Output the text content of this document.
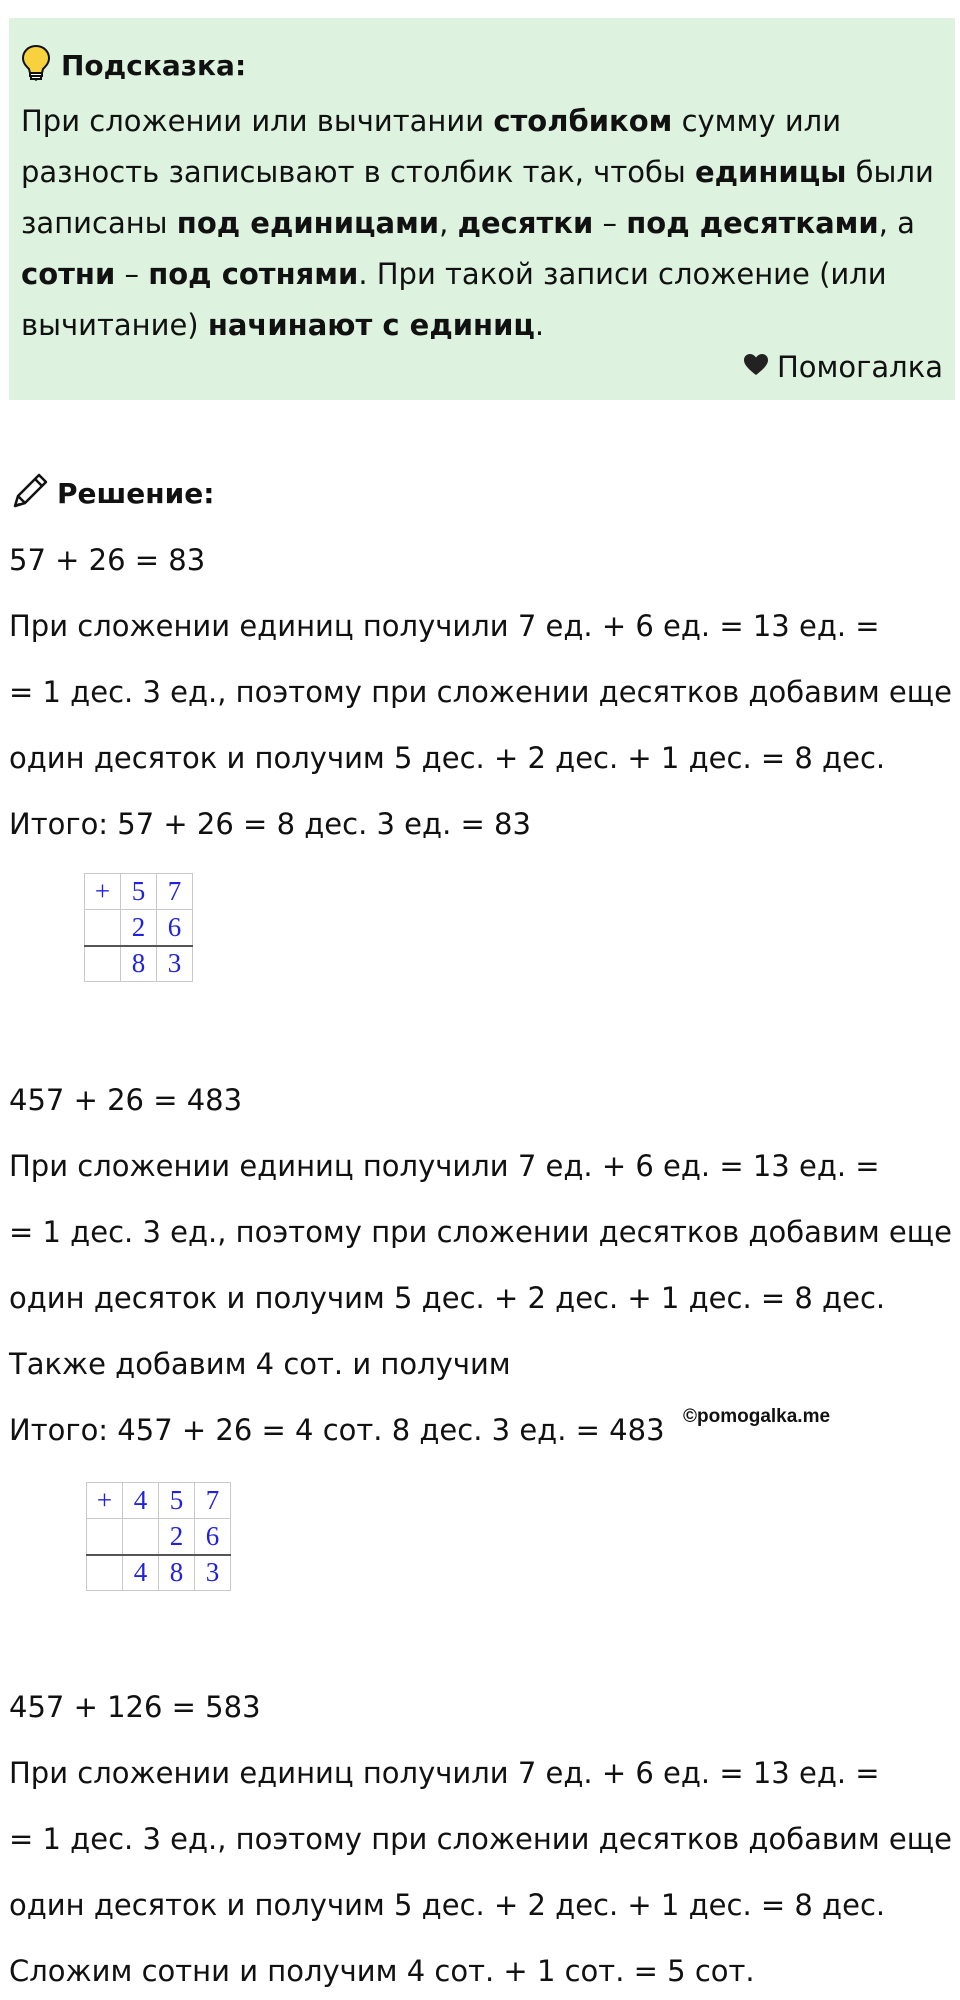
Подсказка:
При сложении или вычитании столбиком сумму или разность записывают в столбик так, чтобы единицы были записаны под единицами, десятки – под десятками, а сотни – под сотнями. При такой записи сложение (или вычитание) начинают с единиц.
Помогалка
Решение:
57 + 26 = 83
При сложении единиц получили 7 ед. + 6 ед. = 13 ед. =
= 1 дес. 3 ед., поэтому при сложении десятков добавим еще
один десяток и получим 5 дес. + 2 дес. + 1 дес. = 8 дес.
Итого: 57 + 26 = 8 дес. 3 ед. = 83
+	5	7
	2	6
	8	3
457 + 26 = 483
При сложении единиц получили 7 ед. + 6 ед. = 13 ед. =
= 1 дес. 3 ед., поэтому при сложении десятков добавим еще
один десяток и получим 5 дес. + 2 дес. + 1 дес. = 8 дес.
Также добавим 4 сот. и получим
Итого: 457 + 26 = 4 сот. 8 дес. 3 ед. = 483 ©pomogalka.me
+	4	5	7
		2	6
	4	8	3
457 + 126 = 583
При сложении единиц получили 7 ед. + 6 ед. = 13 ед. =
= 1 дес. 3 ед., поэтому при сложении десятков добавим еще
один десяток и получим 5 дес. + 2 дес. + 1 дес. = 8 дес.
Сложим сотни и получим 4 сот. + 1 сот. = 5 сот.
